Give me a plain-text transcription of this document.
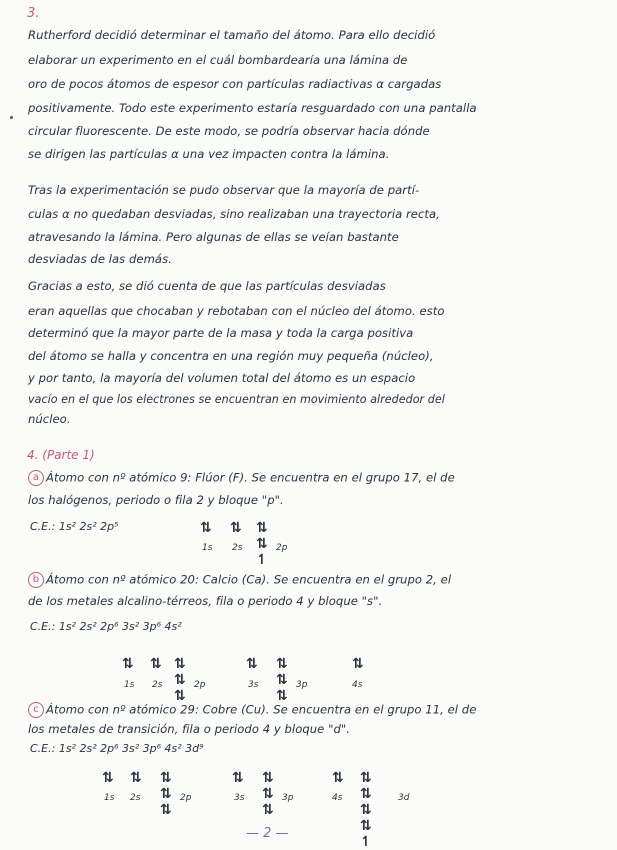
3.
Rutherford decidió determinar el tamaño del átomo. Para ello decidió
elaborar un experimento en el cuál bombardearía una lámina de
oro de pocos átomos de espesor con partículas radiactivas α cargadas
positivamente. Todo este experimento estaría resguardado con una pantalla
circular fluorescente. De este modo, se podría observar hacia dónde
se dirigen las partículas α una vez impacten contra la lámina.
Tras la experimentación se pudo observar que la mayoría de partí-
culas α no quedaban desviadas, sino realizaban una trayectoria recta,
atravesando la lámina. Pero algunas de ellas se veían bastante
desviadas de las demás.
Gracias a esto, se dió cuenta de que las partículas desviadas
eran aquellas que chocaban y rebotaban con el núcleo del átomo. esto
determinó que la mayor parte de la masa y toda la carga positiva
del átomo se halla y concentra en una región muy pequeña (núcleo),
y por tanto, la mayoría del volumen total del átomo es un espacio
vacío en el que los electrones se encuentran en movimiento alrededor del
núcleo.
4. (Parte 1)
a Átomo con nº atómico 9: Flúor (F). Se encuentra en el grupo 17, el de
los halógenos, periodo o fila 2 y bloque "p".
C.E.: 1s² 2s² 2p⁵	⇅
1s
⇅
2s
⇅ ⇅ ↿
2p
b Átomo con nº atómico 20: Calcio (Ca). Se encuentra en el grupo 2, el
de los metales alcalino-térreos, fila o periodo 4 y bloque "s".
C.E.: 1s² 2s² 2p⁶ 3s² 3p⁶ 4s²
⇅
1s
⇅
2s
⇅ ⇅ ⇅
2p
⇅
3s
⇅ ⇅ ⇅
3p
⇅
4s
c Átomo con nº atómico 29: Cobre (Cu). Se encuentra en el grupo 11, el de
los metales de transición, fila o periodo 4 y bloque "d".
C.E.: 1s² 2s² 2p⁶ 3s² 3p⁶ 4s² 3d⁹
⇅
1s
⇅
2s
⇅ ⇅ ⇅
2p
⇅
3s
⇅ ⇅ ⇅
3p
⇅
4s
⇅ ⇅ ⇅ ⇅ ↿
3d
— 2 —
